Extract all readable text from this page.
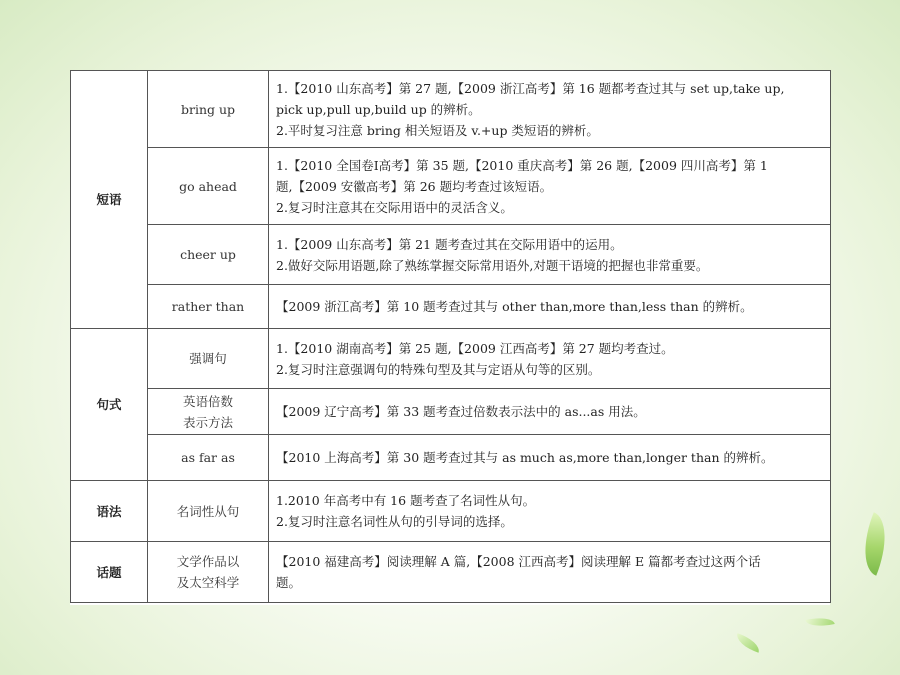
短语	bring up	1.【2010 山东高考】第 27 题,【2009 浙江高考】第 16 题都考查过其与 set up,take up,
pick up,pull up,build up 的辨析。
2.平时复习注意 bring 相关短语及 v.+up 类短语的辨析。

	go ahead	1.【2010 全国卷Ⅰ高考】第 35 题,【2010 重庆高考】第 26 题,【2009 四川高考】第 1
题,【2009 安徽高考】第 26 题均考查过该短语。
2.复习时注意其在交际用语中的灵活含义。

	cheer up	1.【2009 山东高考】第 21 题考查过其在交际用语中的运用。
2.做好交际用语题,除了熟练掌握交际常用语外,对题干语境的把握也非常重要。

	rather than	【2009 浙江高考】第 10 题考查过其与 other than,more than,less than 的辨析。

句式	强调句	1.【2010 湖南高考】第 25 题,【2009 江西高考】第 27 题均考查过。
2.复习时注意强调句的特殊句型及其与定语从句等的区别。

	英语倍数
表示方法	【2009 辽宁高考】第 33 题考查过倍数表示法中的 as...as 用法。

	as far as	【2010 上海高考】第 30 题考查过其与 as much as,more than,longer than 的辨析。

语法	名词性从句	1.2010 年高考中有 16 题考查了名词性从句。
2.复习时注意名词性从句的引导词的选择。

话题	文学作品以
及太空科学	【2010 福建高考】阅读理解 A 篇,【2008 江西高考】阅读理解 E 篇都考查过这两个话
题。
